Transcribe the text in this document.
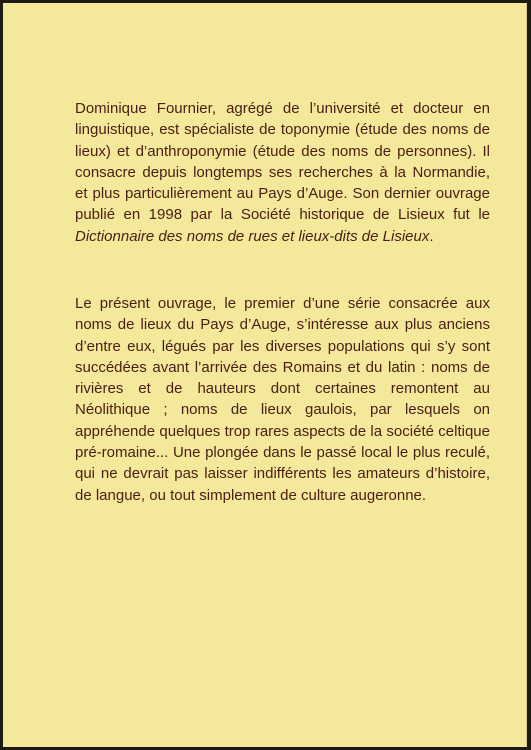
Dominique Fournier, agrégé de l’université et docteur en linguistique, est spécialiste de toponymie (étude des noms de lieux) et d’anthroponymie (étude des noms de personnes). Il consacre depuis longtemps ses recherches à la Normandie, et plus particulièrement au Pays d’Auge. Son dernier ouvrage publié en 1998 par la Société historique de Lisieux fut le Dictionnaire des noms de rues et lieux-dits de Lisieux.

Le présent ouvrage, le premier d’une série consacrée aux noms de lieux du Pays d’Auge, s’intéresse aux plus anciens d’entre eux, légués par les diverses populations qui s’y sont succédées avant l’arrivée des Romains et du latin : noms de rivières et de hauteurs dont certaines remontent au Néolithique ; noms de lieux gaulois, par lesquels on appréhende quelques trop rares aspects de la société celtique pré-romaine... Une plongée dans le passé local le plus reculé, qui ne devrait pas laisser indifférents les amateurs d’histoire, de langue, ou tout simplement de culture augeronne.
